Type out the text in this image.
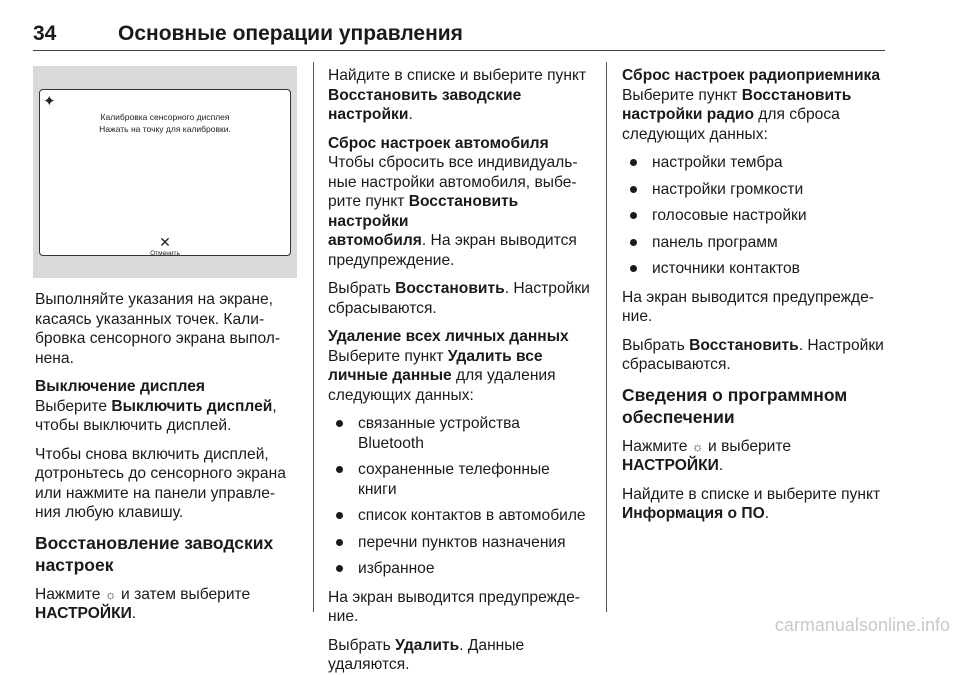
34	Основные операции управления
✦
Калибровка сенсорного дисплея
Нажать на точку для калибровки.
✕
Отменить

Выполняйте указания на экране,
касаясь указанных точек. Кали-
бровка сенсорного экрана выпол-
нена.

Выключение дисплея

Выберите Выключить дисплей,
чтобы выключить дисплей.

Чтобы снова включить дисплей,
дотроньтесь до сенсорного экрана
или нажмите на панели управле-
ния любую клавишу.

Восстановление заводских
настроек

Нажмите ☼ и затем выберите
НАСТРОЙКИ.

Найдите в списке и выберите пункт
Восстановить заводские
настройки.

Сброс настроек автомобиля

Чтобы сбросить все индивидуаль-
ные настройки автомобиля, выбе-
рите пункт Восстановить настройки
автомобиля. На экран выводится
предупреждение.

Выбрать Восстановить. Настройки
сбрасываются.

Удаление всех личных данных

Выберите пункт Удалить все
личные данные для удаления
следующих данных:

связанные устройства
Bluetooth
сохраненные телефонные
книги
список контактов в автомобиле
перечни пунктов назначения
избранное

На экран выводится предупрежде-
ние.

Выбрать Удалить. Данные
удаляются.

Сброс настроек радиоприемника

Выберите пункт Восстановить
настройки радио для сброса
следующих данных:

настройки тембра
настройки громкости
голосовые настройки
панель программ
источники контактов

На экран выводится предупрежде-
ние.

Выбрать Восстановить. Настройки
сбрасываются.

Сведения о программном
обеспечении

Нажмите ☼ и выберите
НАСТРОЙКИ.

Найдите в списке и выберите пункт
Информация о ПО.

carmanualsonline.info
